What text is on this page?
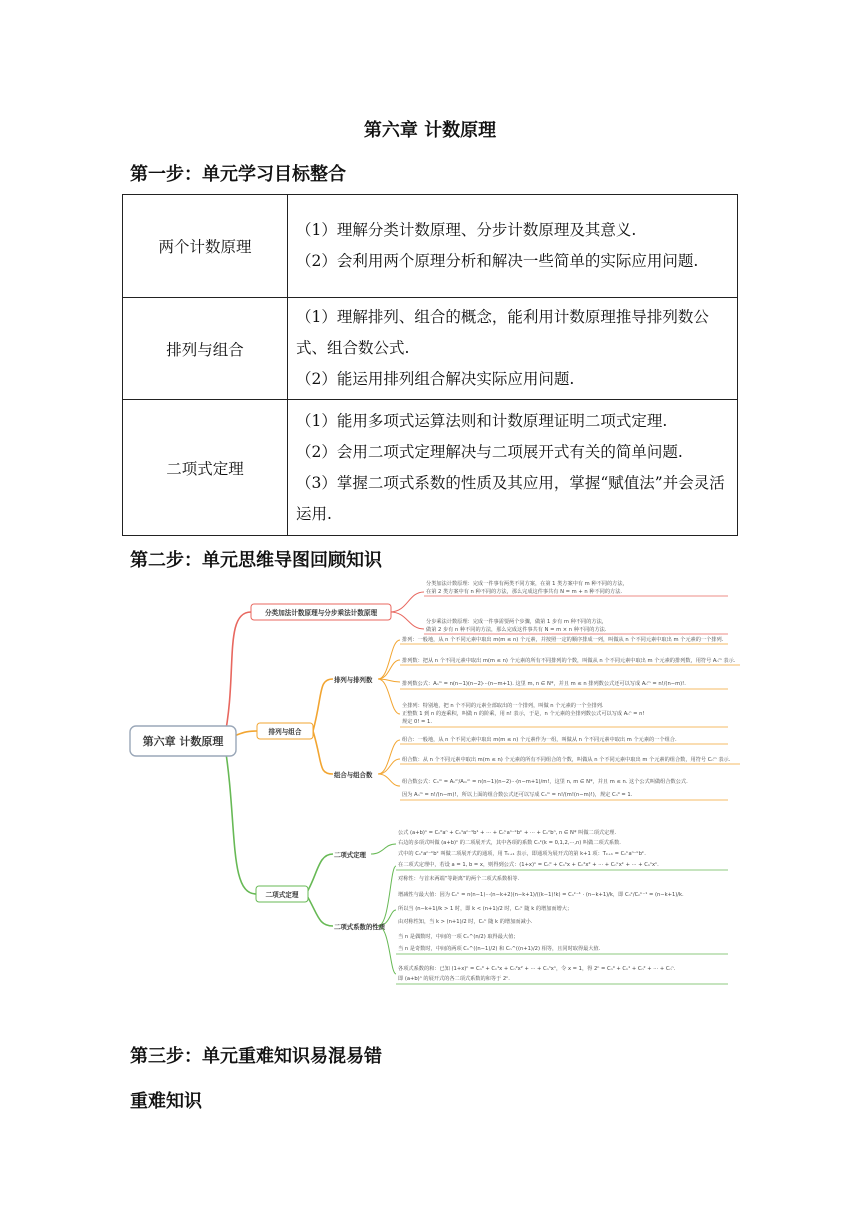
第六章 计数原理
第一步：单元学习目标整合
两个计数原理	（1）理解分类计数原理、分步计数原理及其意义.

（2）会利用两个原理分析和解决一些简单的实际应用问题.

排列与组合	（1）理解排列、组合的概念，能利用计数原理推导排列数公式、组合数公式.

（2）能运用排列组合解决实际应用问题.

二项式定理	（1）能用多项式运算法则和计数原理证明二项式定理.

（2）会用二项式定理解决与二项展开式有关的简单问题.

（3）掌握二项式系数的性质及其应用，掌握“赋值法”并会灵活运用.

第二步：单元思维导图回顾知识
第六章 计数原理
分类加法计数原理与分步乘法计数原理
排列与组合
排列与排列数
组合与组合数
二项式定理
二项式定理
二项式系数的性质
分类加法计数原理：完成一件事有两类不同方案，在第 1 类方案中有 m 种不同的方法，
在第 2 类方案中有 n 种不同的方法，那么完成这件事共有 N = m + n 种不同的方法.
分步乘法计数原理：完成一件事需要两个步骤，做第 1 步有 m 种不同的方法，
做第 2 步有 n 种不同的方法，那么完成这件事共有 N = m × n 种不同的方法.
排列：一般地，从 n 个不同元素中取出 m(m ≤ n) 个元素，并按照一定的顺序排成一列，叫做从 n 个不同元素中取出 m 个元素的一个排列.
排列数：把从 n 个不同元素中取出 m(m ≤ n) 个元素的所有不同排列的个数，叫做从 n 个不同元素中取出 m 个元素的排列数，用符号 Aₙᵐ 表示.
排列数公式：Aₙᵐ = n(n−1)(n−2)···(n−m+1). 这里 m, n ∈ N*，并且 m ≤ n 排列数公式还可以写成 Aₙᵐ = n!/(n−m)!.
全排列：特别地，把 n 个不同的元素全部取出的一个排列，叫做 n 个元素的一个全排列.
正整数 1 到 n 的连乘积，叫做 n 的阶乘，用 n! 表示，于是，n 个元素的全排列数公式可以写成 Aₙⁿ = n!
规定 0! = 1.
组合：一般地，从 n 个不同元素中取出 m(m ≤ n) 个元素作为一组，叫做从 n 个不同元素中取出 m 个元素的一个组合.
组合数：从 n 个不同元素中取出 m(m ≤ n) 个元素的所有不同组合的个数，叫做从 n 个不同元素中取出 m 个元素的组合数，用符号 Cₙᵐ 表示.
组合数公式：Cₙᵐ = Aₙᵐ/Aₘᵐ = n(n−1)(n−2)···(n−m+1)/m!，这里 n, m ∈ N*，并且 m ≤ n. 这个公式叫做组合数公式.
因为 Aₙᵐ = n!/(n−m)!，所以上面的组合数公式还可以写成 Cₙᵐ = n!/(m!(n−m)!)，规定 Cₙ⁰ = 1.
公式 (a+b)ⁿ = Cₙ⁰aⁿ + Cₙ¹aⁿ⁻¹b¹ + ··· + Cₙᵏaⁿ⁻ᵏbᵏ + ··· + Cₙⁿbⁿ, n ∈ N* 叫做二项式定理.
右边的多项式叫做 (a+b)ⁿ 的二项展开式，其中各项的系数 Cₙᵏ(k = 0,1,2,···,n) 叫做二项式系数.
式中的 Cₙᵏaⁿ⁻ᵏbᵏ 叫做二项展开式的通项，用 Tₖ₊₁ 表示，即通项为展开式的第 k+1 项：Tₖ₊₁ = Cₙᵏaⁿ⁻ᵏbᵏ.
在二项式定理中，若设 a = 1, b = x，则得到公式：(1+x)ⁿ = Cₙ⁰ + Cₙ¹x + Cₙ²x² + ··· + Cₙᵏxᵏ + ··· + Cₙⁿxⁿ.
对称性：与首末两端“等距离”的两个二项式系数相等.
增减性与最大值：因为 Cₙᵏ = n(n−1)···(n−k+2)(n−k+1)/((k−1)!k) = Cₙᵏ⁻¹ · (n−k+1)/k，即 Cₙᵏ/Cₙᵏ⁻¹ = (n−k+1)/k.
所以当 (n−k+1)/k > 1 时，即 k < (n+1)/2 时，Cₙᵏ 随 k 的增加而增大；
由对称性知，当 k > (n+1)/2 时，Cₙᵏ 随 k 的增加而减小.
当 n 是偶数时，中间的一项 Cₙ^(n/2) 取得最大值；
当 n 是奇数时，中间的两项 Cₙ^((n−1)/2) 和 Cₙ^((n+1)/2) 相等，且同时取得最大值.
各项式系数的和：已知 (1+x)ⁿ = Cₙ⁰ + Cₙ¹x + Cₙ²x² + ··· + Cₙⁿxⁿ，令 x = 1，得 2ⁿ = Cₙ⁰ + Cₙ¹ + Cₙ² + ··· + Cₙⁿ.
即 (a+b)ⁿ 的展开式的各二项式系数的和等于 2ⁿ.
第三步：单元重难知识易混易错
重难知识
